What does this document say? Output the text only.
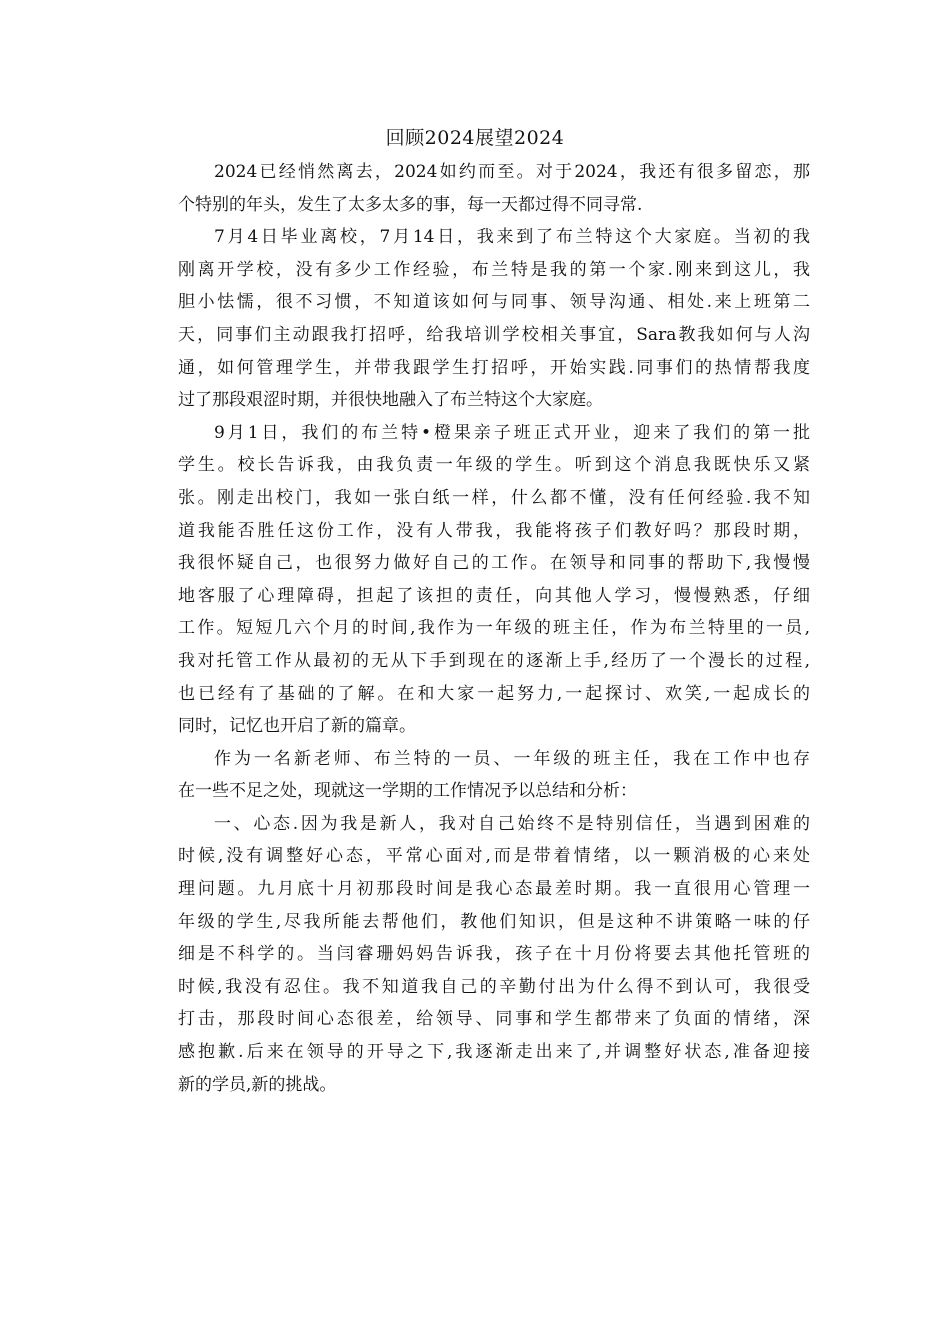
回顾2024展望2024

2024已经悄然离去，2024如约而至。对于2024，我还有很多留恋，那

个特别的年头，发生了太多太多的事，每一天都过得不同寻常.

7月4日毕业离校，7月14日，我来到了布兰特这个大家庭。当初的我

刚离开学校，没有多少工作经验，布兰特是我的第一个家.刚来到这儿，我

胆小怯懦，很不习惯，不知道该如何与同事、领导沟通、相处.来上班第二

天，同事们主动跟我打招呼，给我培训学校相关事宜，Sara教我如何与人沟

通，如何管理学生，并带我跟学生打招呼，开始实践.同事们的热情帮我度

过了那段艰涩时期，并很快地融入了布兰特这个大家庭。

9月1日，我们的布兰特•橙果亲子班正式开业，迎来了我们的第一批

学生。校长告诉我，由我负责一年级的学生。听到这个消息我既快乐又紧

张。刚走出校门，我如一张白纸一样，什么都不懂，没有任何经验.我不知

道我能否胜任这份工作，没有人带我，我能将孩子们教好吗？那段时期，

我很怀疑自己，也很努力做好自己的工作。在领导和同事的帮助下,我慢慢

地客服了心理障碍，担起了该担的责任，向其他人学习，慢慢熟悉，仔细

工作。短短几六个月的时间,我作为一年级的班主任，作为布兰特里的一员,

我对托管工作从最初的无从下手到现在的逐渐上手,经历了一个漫长的过程,

也已经有了基础的了解。在和大家一起努力,一起探讨、欢笑,一起成长的

同时，记忆也开启了新的篇章。

作为一名新老师、布兰特的一员、一年级的班主任，我在工作中也存

在一些不足之处，现就这一学期的工作情况予以总结和分析：

一、心态.因为我是新人，我对自己始终不是特别信任，当遇到困难的

时候,没有调整好心态，平常心面对,而是带着情绪，以一颗消极的心来处

理问题。九月底十月初那段时间是我心态最差时期。我一直很用心管理一

年级的学生,尽我所能去帮他们，教他们知识，但是这种不讲策略一味的仔

细是不科学的。当闫睿珊妈妈告诉我，孩子在十月份将要去其他托管班的

时候,我没有忍住。我不知道我自己的辛勤付出为什么得不到认可，我很受

打击，那段时间心态很差，给领导、同事和学生都带来了负面的情绪，深

感抱歉.后来在领导的开导之下,我逐渐走出来了,并调整好状态,准备迎接

新的学员,新的挑战。
